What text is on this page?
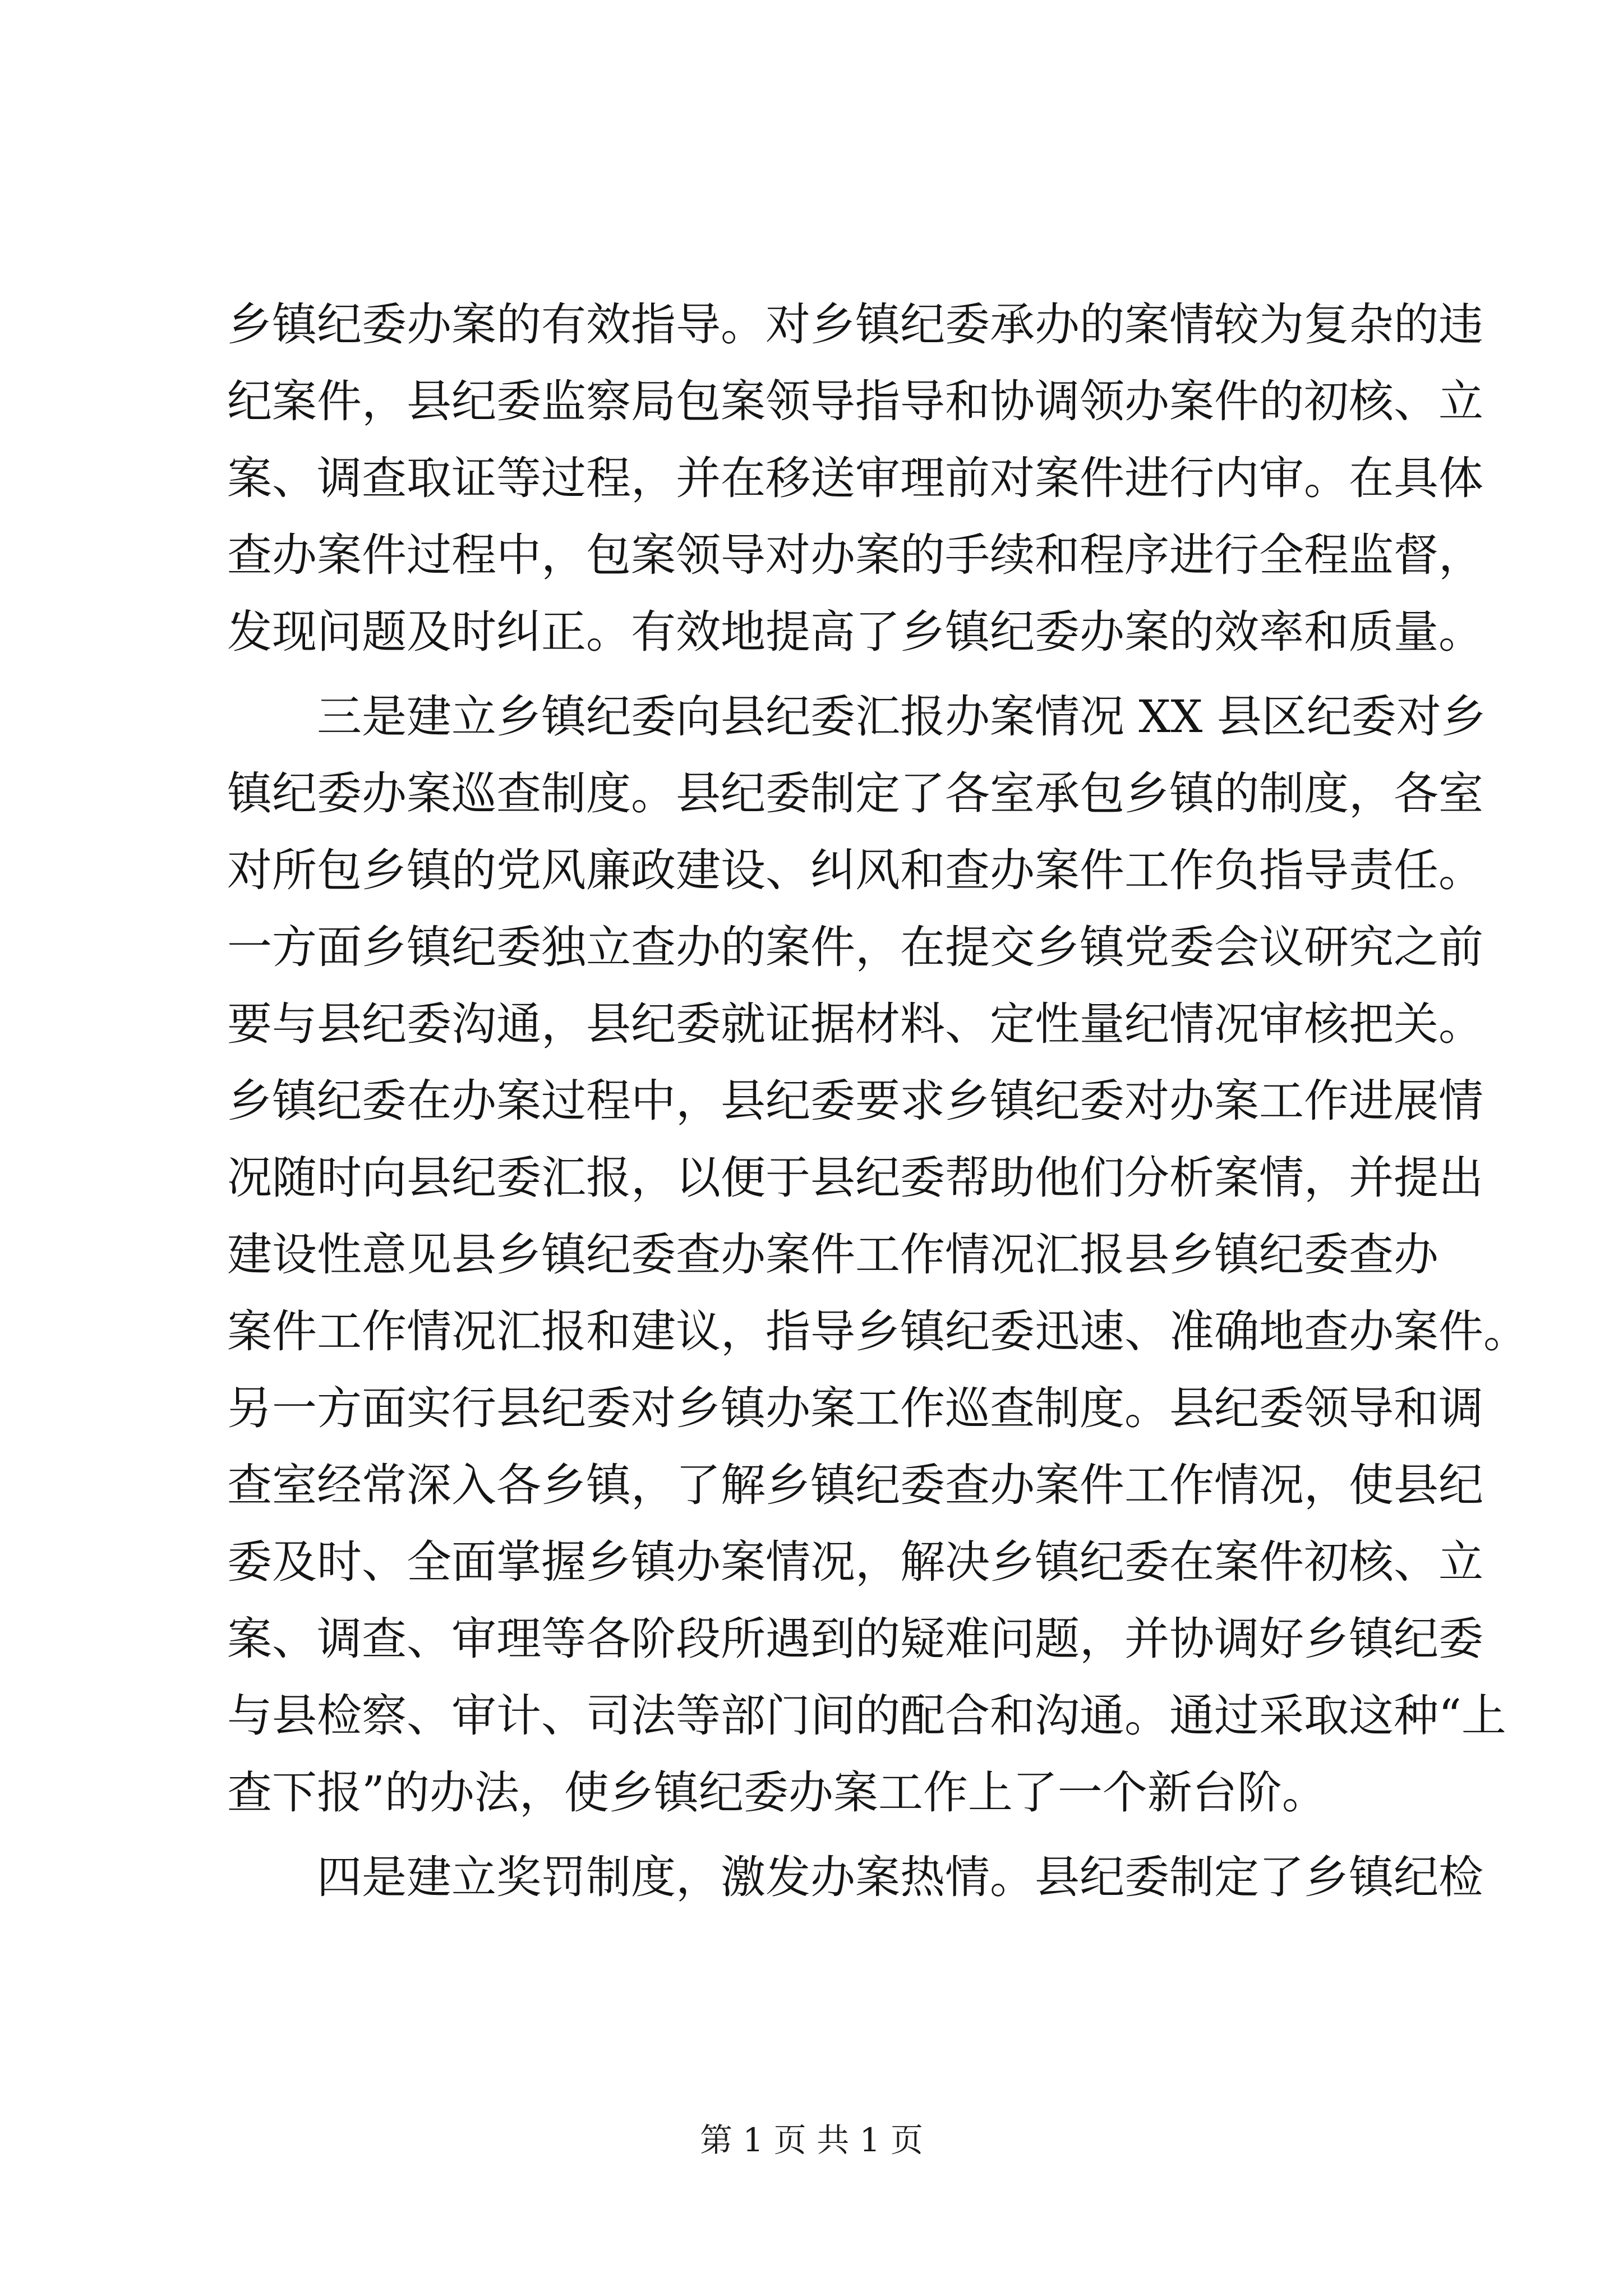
乡镇纪委办案的有效指导。对乡镇纪委承办的案情较为复杂的违
纪案件，县纪委监察局包案领导指导和协调领办案件的初核、立
案、调查取证等过程，并在移送审理前对案件进行内审。在具体
查办案件过程中，包案领导对办案的手续和程序进行全程监督，
发现问题及时纠正。有效地提高了乡镇纪委办案的效率和质量。
三是建立乡镇纪委向县纪委汇报办案情况 XX 县区纪委对乡
镇纪委办案巡查制度。县纪委制定了各室承包乡镇的制度，各室
对所包乡镇的党风廉政建设、纠风和查办案件工作负指导责任。
一方面乡镇纪委独立查办的案件，在提交乡镇党委会议研究之前
要与县纪委沟通，县纪委就证据材料、定性量纪情况审核把关。
乡镇纪委在办案过程中，县纪委要求乡镇纪委对办案工作进展情
况随时向县纪委汇报，以便于县纪委帮助他们分析案情，并提出
建设性意见县乡镇纪委查办案件工作情况汇报县乡镇纪委查办
案件工作情况汇报和建议，指导乡镇纪委迅速、准确地查办案件。
另一方面实行县纪委对乡镇办案工作巡查制度。县纪委领导和调
查室经常深入各乡镇，了解乡镇纪委查办案件工作情况，使县纪
委及时、全面掌握乡镇办案情况，解决乡镇纪委在案件初核、立
案、调查、审理等各阶段所遇到的疑难问题，并协调好乡镇纪委
与县检察、审计、司法等部门间的配合和沟通。通过采取这种“上
查下报”的办法，使乡镇纪委办案工作上了一个新台阶。
四是建立奖罚制度，激发办案热情。县纪委制定了乡镇纪检
第 1 页 共 1 页
